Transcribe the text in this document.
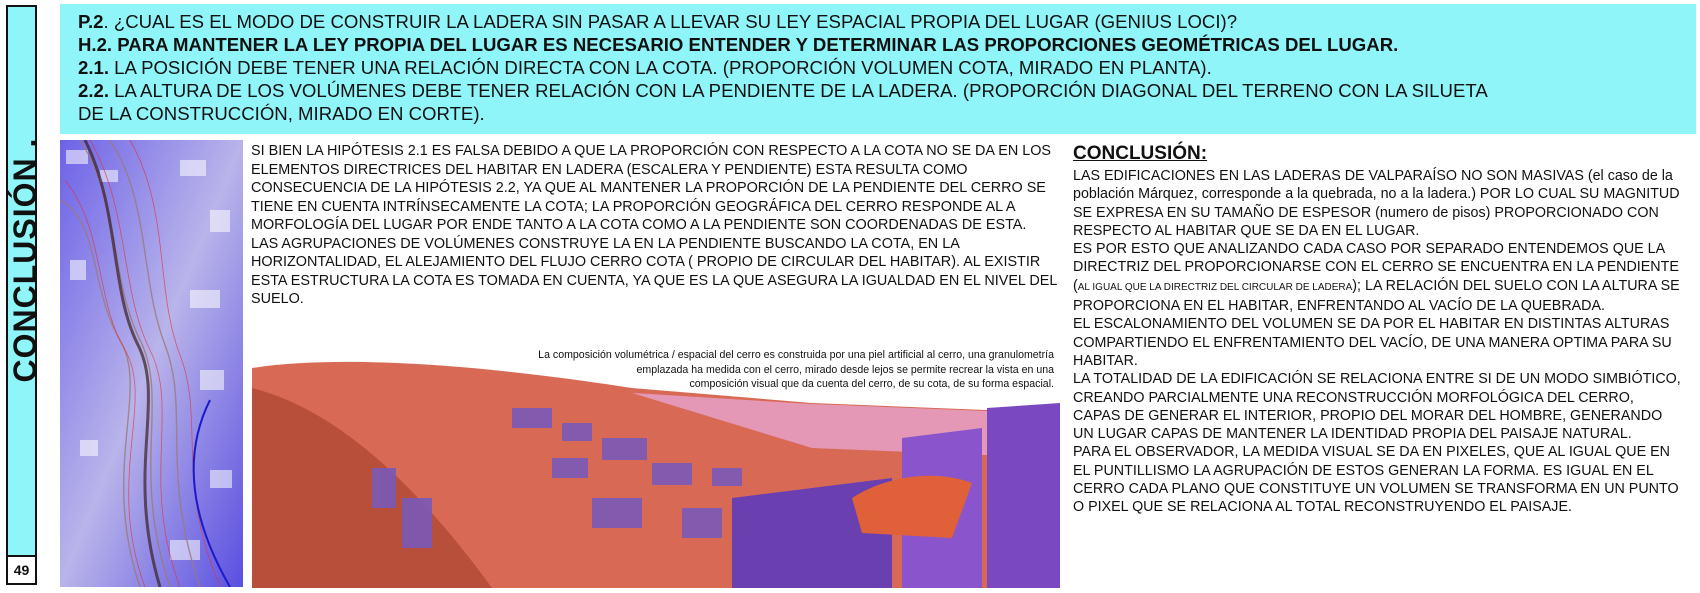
CONCLUSIÓN .
49
P.2. ¿CUAL ES EL MODO DE CONSTRUIR LA LADERA SIN PASAR A LLEVAR SU LEY ESPACIAL PROPIA DEL LUGAR (GENIUS LOCI)?
H.2. PARA MANTENER LA LEY PROPIA DEL LUGAR ES NECESARIO ENTENDER Y DETERMINAR LAS PROPORCIONES GEOMÉTRICAS DEL LUGAR.
2.1. LA POSICIÓN DEBE TENER UNA RELACIÓN DIRECTA CON LA COTA. (PROPORCIÓN VOLUMEN COTA, MIRADO EN PLANTA).
2.2. LA ALTURA DE LOS VOLÚMENES DEBE TENER RELACIÓN CON LA PENDIENTE DE LA LADERA. (PROPORCIÓN DIAGONAL DEL TERRENO CON LA SILUETA
DE LA CONSTRUCCIÓN, MIRADO EN CORTE).

SI BIEN LA HIPÓTESIS 2.1 ES FALSA DEBIDO A QUE LA PROPORCIÓN CON RESPECTO A LA COTA NO SE DA EN LOS ELEMENTOS DIRECTRICES DEL HABITAR EN LADERA (ESCALERA Y PENDIENTE) ESTA RESULTA COMO CONSECUENCIA DE LA HIPÓTESIS 2.2, YA QUE AL MANTENER LA PROPORCIÓN DE LA PENDIENTE DEL CERRO SE TIENE EN CUENTA INTRÍNSECAMENTE LA COTA; LA PROPORCIÓN GEOGRÁFICA DEL CERRO RESPONDE AL A MORFOLOGÍA DEL LUGAR POR ENDE TANTO A LA COTA COMO A LA PENDIENTE SON COORDENADAS DE ESTA.

LAS AGRUPACIONES DE VOLÚMENES CONSTRUYE LA EN LA PENDIENTE BUSCANDO LA COTA, EN LA HORIZONTALIDAD, EL ALEJAMIENTO DEL FLUJO CERRO COTA ( PROPIO DE CIRCULAR DEL HABITAR). AL EXISTIR ESTA ESTRUCTURA LA COTA ES TOMADA EN CUENTA, YA QUE ES LA QUE ASEGURA LA IGUALDAD EN EL NIVEL DEL SUELO.

La composición volumétrica / espacial del cerro es construida por una piel artificial al cerro, una granulometría
emplazada ha medida con el cerro, mirado desde lejos se permite recrear la vista en una
composición visual que da cuenta del cerro, de su cota, de su forma espacial.
CONCLUSIÓN:

LAS EDIFICACIONES EN LAS LADERAS DE VALPARAÍSO NO SON MASIVAS (el caso de la población Márquez, corresponde a la quebrada, no a la ladera.) POR LO CUAL SU MAGNITUD SE EXPRESA EN SU TAMAÑO DE ESPESOR (numero de pisos) PROPORCIONADO CON RESPECTO AL HABITAR QUE SE DA EN EL LUGAR.

ES POR ESTO QUE ANALIZANDO CADA CASO POR SEPARADO ENTENDEMOS QUE LA DIRECTRIZ DEL PROPORCIONARSE CON EL CERRO SE ENCUENTRA EN LA PENDIENTE (AL IGUAL QUE LA DIRECTRIZ DEL CIRCULAR DE LADERA); LA RELACIÓN DEL SUELO CON LA ALTURA SE PROPORCIONA EN EL HABITAR, ENFRENTANDO AL VACÍO DE LA QUEBRADA.

EL ESCALONAMIENTO DEL VOLUMEN SE DA POR EL HABITAR EN DISTINTAS ALTURAS COMPARTIENDO EL ENFRENTAMIENTO DEL VACÍO, DE UNA MANERA OPTIMA PARA SU HABITAR.

LA TOTALIDAD DE LA EDIFICACIÓN SE RELACIONA ENTRE SI DE UN MODO SIMBIÓTICO, CREANDO PARCIALMENTE UNA RECONSTRUCCIÓN MORFOLÓGICA DEL CERRO, CAPAS DE GENERAR EL INTERIOR, PROPIO DEL MORAR DEL HOMBRE, GENERANDO UN LUGAR CAPAS DE MANTENER LA IDENTIDAD PROPIA DEL PAISAJE NATURAL.

PARA EL OBSERVADOR, LA MEDIDA VISUAL SE DA EN PIXELES, QUE AL IGUAL QUE EN EL PUNTILLISMO LA AGRUPACIÓN DE ESTOS GENERAN LA FORMA. ES IGUAL EN EL CERRO CADA PLANO QUE CONSTITUYE UN VOLUMEN SE TRANSFORMA EN UN PUNTO O PIXEL QUE SE RELACIONA AL TOTAL RECONSTRUYENDO EL PAISAJE.
